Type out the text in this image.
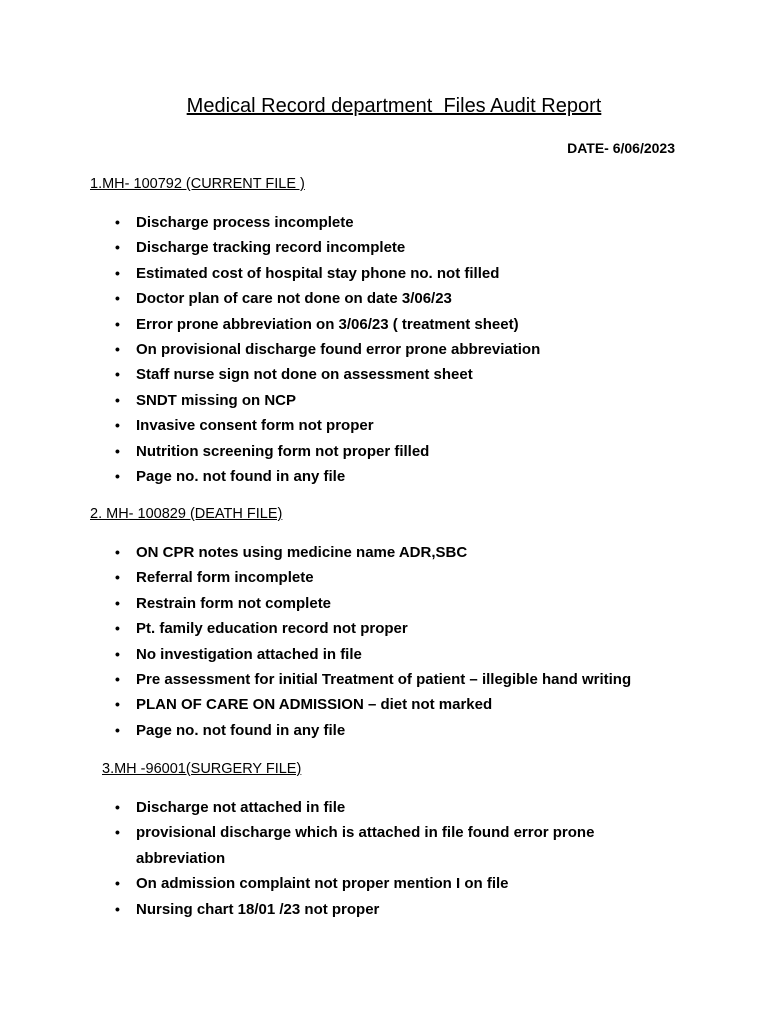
Medical Record department  Files Audit Report
DATE- 6/06/2023
1.MH- 100792 (CURRENT FILE )
• Discharge process incomplete
• Discharge tracking record incomplete
• Estimated cost of hospital stay phone no. not filled
• Doctor plan of care not done on date 3/06/23
• Error prone abbreviation on 3/06/23 ( treatment sheet)
• On provisional discharge found error prone abbreviation
• Staff nurse sign not done on assessment sheet
• SNDT missing on NCP
• Invasive consent form not proper
• Nutrition screening form not proper filled
• Page no. not found in any file
2. MH- 100829 (DEATH FILE)
• ON CPR notes using medicine name ADR,SBC
• Referral form incomplete
• Restrain form not complete
• Pt. family education record not proper
• No investigation attached in file
• Pre assessment for initial Treatment of patient – illegible hand writing
• PLAN OF CARE ON ADMISSION – diet not marked
• Page no. not found in any file
3.MH -96001(SURGERY FILE)
• Discharge not attached in file
• provisional discharge which is attached in file found error prone abbreviation
• On admission complaint not proper mention I on file
• Nursing chart 18/01 /23 not proper
